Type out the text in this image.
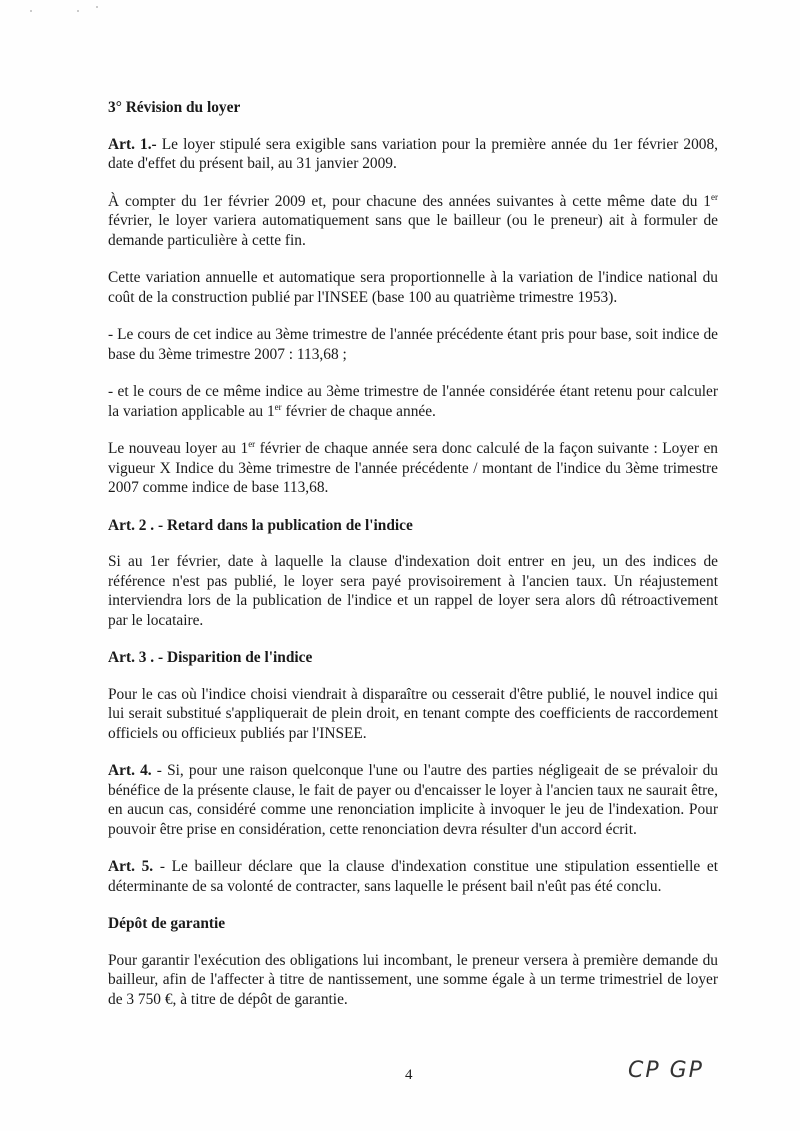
3° Révision du loyer

Art. 1.- Le loyer stipulé sera exigible sans variation pour la première année du 1er février 2008, date d'effet du présent bail, au 31 janvier 2009.

À compter du 1er février 2009 et, pour chacune des années suivantes à cette même date du 1er février, le loyer variera automatiquement sans que le bailleur (ou le preneur) ait à formuler de demande particulière à cette fin.

Cette variation annuelle et automatique sera proportionnelle à la variation de l'indice national du coût de la construction publié par l'INSEE (base 100 au quatrième trimestre 1953).

- Le cours de cet indice au 3ème trimestre de l'année précédente étant pris pour base, soit indice de base du 3ème trimestre 2007 : 113,68 ;

- et le cours de ce même indice au 3ème trimestre de l'année considérée étant retenu pour calculer la variation applicable au 1er février de chaque année.

Le nouveau loyer au 1er février de chaque année sera donc calculé de la façon suivante : Loyer en vigueur X Indice du 3ème trimestre de l'année précédente / montant de l'indice du 3ème trimestre 2007 comme indice de base 113,68.

Art. 2 . - Retard dans la publication de l'indice

Si au 1er février, date à laquelle la clause d'indexation doit entrer en jeu, un des indices de référence n'est pas publié, le loyer sera payé provisoirement à l'ancien taux. Un réajustement interviendra lors de la publication de l'indice et un rappel de loyer sera alors dû rétroactivement par le locataire.

Art. 3 . - Disparition de l'indice

Pour le cas où l'indice choisi viendrait à disparaître ou cesserait d'être publié, le nouvel indice qui lui serait substitué s'appliquerait de plein droit, en tenant compte des coefficients de raccordement officiels ou officieux publiés par l'INSEE.

Art. 4. - Si, pour une raison quelconque l'une ou l'autre des parties négligeait de se prévaloir du bénéfice de la présente clause, le fait de payer ou d'encaisser le loyer à l'ancien taux ne saurait être, en aucun cas, considéré comme une renonciation implicite à invoquer le jeu de l'indexation. Pour pouvoir être prise en considération, cette renonciation devra résulter d'un accord écrit.

Art. 5. - Le bailleur déclare que la clause d'indexation constitue une stipulation essentielle et déterminante de sa volonté de contracter, sans laquelle le présent bail n'eût pas été conclu.

Dépôt de garantie

Pour garantir l'exécution des obligations lui incombant, le preneur versera à première demande du bailleur, afin de l'affecter à titre de nantissement, une somme égale à un terme trimestriel de loyer de 3 750 €, à titre de dépôt de garantie.

4	CP GP
